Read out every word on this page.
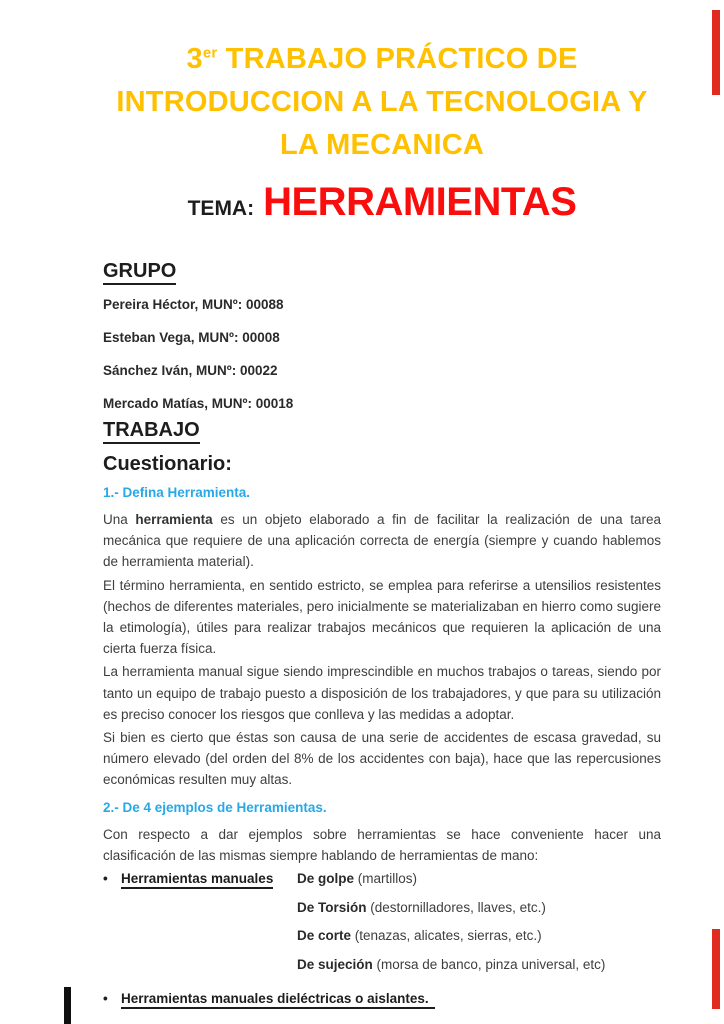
3er TRABAJO PRÁCTICO DE
INTRODUCCION A LA TECNOLOGIA Y
LA MECANICA
TEMA: HERRAMIENTAS
GRUPO

Pereira Héctor, MUNº: 00088

Esteban Vega, MUNº: 00008

Sánchez Iván, MUNº: 00022

Mercado Matías, MUNº: 00018

TRABAJO
Cuestionario:

1.- Defina Herramienta.

Una herramienta es un objeto elaborado a fin de facilitar la realización de una tarea mecánica que requiere de una aplicación correcta de energía (siempre y cuando hablemos de herramienta material).

El término herramienta, en sentido estricto, se emplea para referirse a utensilios resistentes (hechos de diferentes materiales, pero inicialmente se materializaban en hierro como sugiere la etimología), útiles para realizar trabajos mecánicos que requieren la aplicación de una cierta fuerza física.

La herramienta manual sigue siendo imprescindible en muchos trabajos o tareas, siendo por tanto un equipo de trabajo puesto a disposición de los trabajadores, y que para su utilización es preciso conocer los riesgos que conlleva y las medidas a adoptar.

Si bien es cierto que éstas son causa de una serie de accidentes de escasa gravedad, su número elevado (del orden del 8% de los accidentes con baja), hace que las repercusiones económicas resulten muy altas.

2.- De 4 ejemplos de Herramientas.

Con respecto a dar ejemplos sobre herramientas se hace conveniente hacer una clasificación de las mismas siempre hablando de herramientas de mano:

• Herramientas manuales	De golpe (martillos)

De Torsión (destornilladores, llaves, etc.)

De corte (tenazas, alicates, sierras, etc.)

De sujeción (morsa de banco, pinza universal, etc)

• Herramientas manuales dieléctricas o aislantes.
